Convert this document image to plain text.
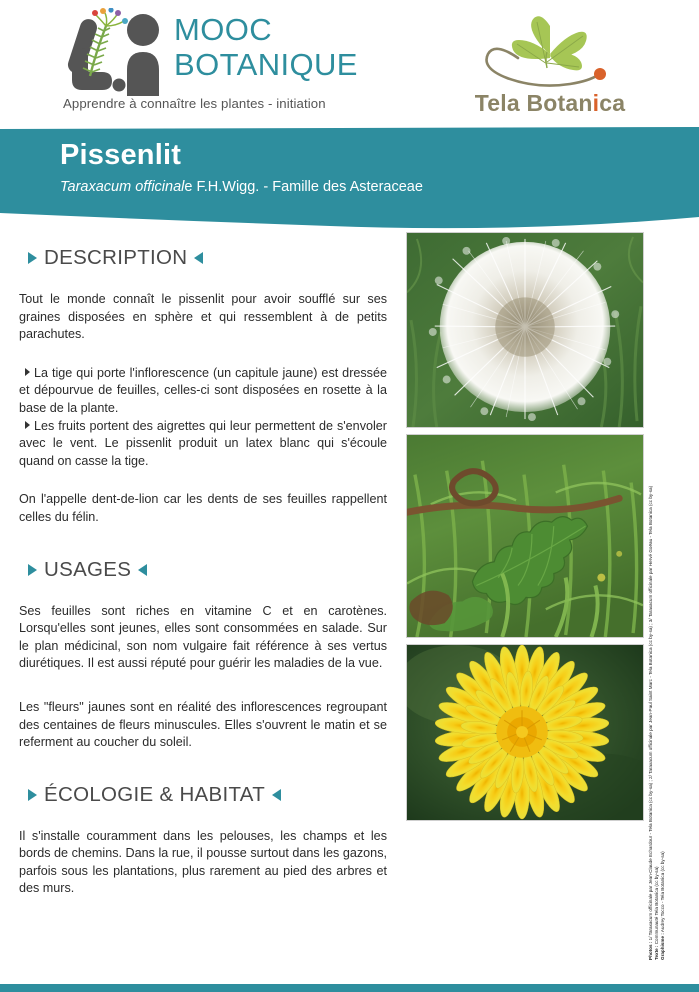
MOOC
BOTANIQUE
Apprendre à connaître les plantes - initiation	Tela Botanica
Pissenlit
Taraxacum officinale F.H.Wigg. - Famille des Asteraceae
DESCRIPTION

Tout le monde connaît le pissenlit pour avoir soufflé sur ses graines disposées en sphère et qui ressemblent à de petits parachutes.

La tige qui porte l'inflorescence (un capitule jaune) est dressée et dépourvue de feuilles, celles-ci sont disposées en rosette à la base de la plante.

Les fruits portent des aigrettes qui leur permettent de s'envoler avec le vent. Le pissenlit produit un latex blanc qui s'écoule quand on casse la tige.

On l'appelle dent-de-lion car les dents de ses feuilles rappellent celles du félin.

USAGES

Ses feuilles sont riches en vitamine C et en carotènes. Lorsqu'elles sont jeunes, elles sont consommées en salade. Sur le plan médicinal, son nom vulgaire fait référence à ses vertus diurétiques. Il est aussi réputé pour guérir les maladies de la vue.

Les "fleurs" jaunes sont en réalité des inflorescences regroupant des centaines de fleurs minuscules. Elles s'ouvrent le matin et se referment au coucher du soleil.

ÉCOLOGIE & HABITAT

Il s'installe couramment dans les pelouses, les champs et les bords de chemins. Dans la rue, il pousse surtout dans les gazons, parfois sous les plantations, plus rarement au pied des arbres et des murs.

Photos : 1/ Taraxacum officinale par Jean-Claude Echardour - Tela Botanica (cc by-sa) ; 2/ Taraxacum officinale par Jean-Paul Saint Marc - Tela Botanica (cc by-sa) ; 3/ Taraxacum officinale par Hervé Goëau - Tela Botanica (cc by-sa)
Texte : Communauté Tela Botanica (cc by-sa)
Graphisme : Audrey Tocco - Tela Botanica (cc by-sa)
